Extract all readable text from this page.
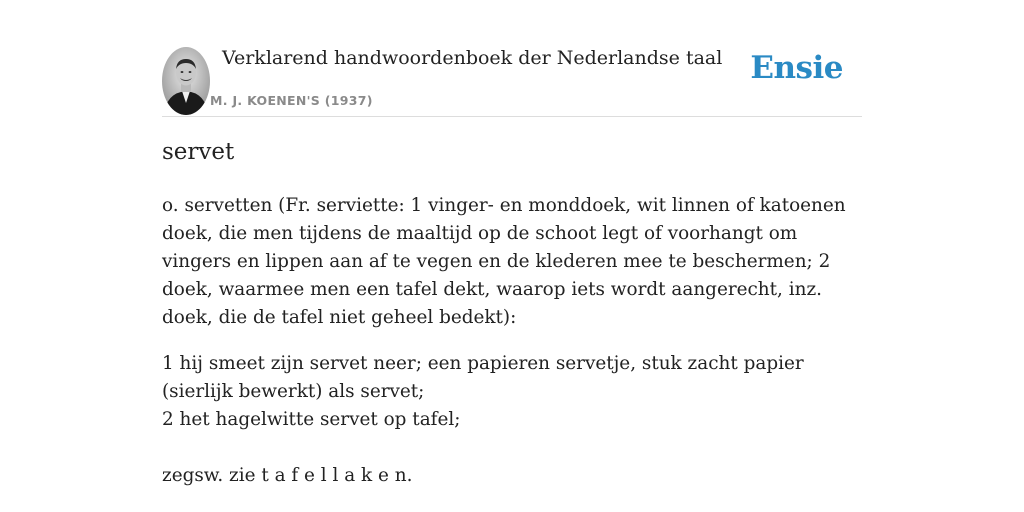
Verklarend handwoordenboek der Nederlandse taal
M. J. KOENEN'S (1937)
Ensie
servet

o. servetten (Fr. serviette: 1 vinger- en monddoek, wit linnen of katoenen doek, die men tijdens de maaltijd op de schoot legt of voorhangt om vingers en lippen aan af te vegen en de klederen mee te beschermen; 2 doek, waarmee men een tafel dekt, waarop iets wordt aangerecht, inz. doek, die de tafel niet geheel bedekt):

1 hij smeet zijn servet neer; een papieren servetje, stuk zacht papier (sierlijk bewerkt) als servet;

2 het hagelwitte servet op tafel;

zegsw. zie t a f e l l a k e n.
